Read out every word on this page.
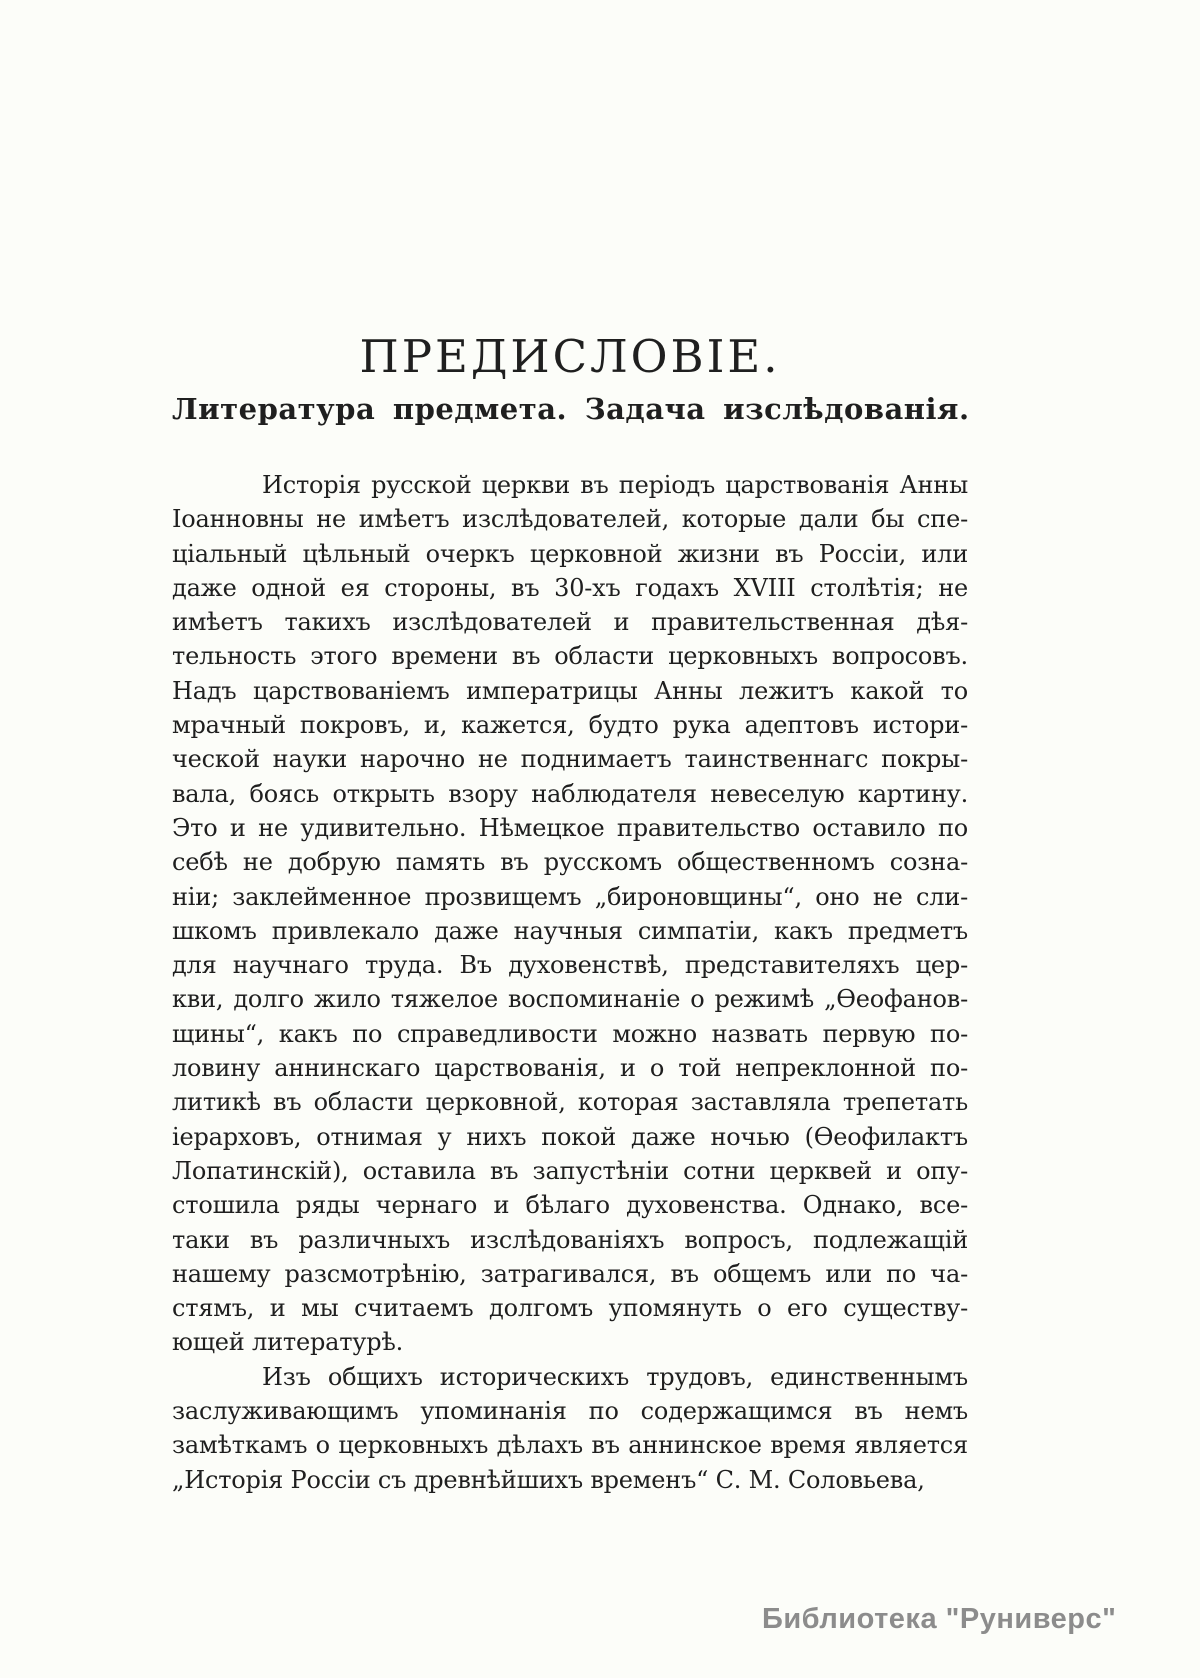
ПРЕДИСЛОВІЕ.
Литература предмета. Задача изслѣдованія.
Исторія русской церкви въ періодъ царствованія Анны
Іоанновны не имѣетъ изслѣдователей, которые дали бы спе-
ціальный цѣльный очеркъ церковной жизни въ Россіи, или
даже одной ея стороны, въ 30-хъ годахъ XVIII столѣтія; не
имѣетъ такихъ изслѣдователей и правительственная дѣя-
тельность этого времени въ области церковныхъ вопросовъ.
Надъ царствованіемъ императрицы Анны лежитъ какой то
мрачный покровъ, и, кажется, будто рука адептовъ истори-
ческой науки нарочно не поднимаетъ таинственнагс покры-
вала, боясь открыть взору наблюдателя невеселую картину.
Это и не удивительно. Нѣмецкое правительство оставило по
себѣ не добрую память въ русскомъ общественномъ созна-
ніи; заклейменное прозвищемъ „бироновщины“, оно не сли-
шкомъ привлекало даже научныя симпатіи, какъ предметъ
для научнаго труда. Въ духовенствѣ, представителяхъ цер-
кви, долго жило тяжелое воспоминаніе о режимѣ „Ѳеофанов-
щины“, какъ по справедливости можно назвать первую по-
ловину аннинскаго царствованія, и о той непреклонной по-
литикѣ въ области церковной, которая заставляла трепетать
іерарховъ, отнимая у нихъ покой даже ночью (Ѳеофилактъ
Лопатинскій), оставила въ запустѣніи сотни церквей и опу-
стошила ряды чернаго и бѣлаго духовенства. Однако, все-
таки въ различныхъ изслѣдованіяхъ вопросъ, подлежащій
нашему разсмотрѣнію, затрагивался, въ общемъ или по ча-
стямъ, и мы считаемъ долгомъ упомянуть о его существу-
ющей литературѣ.
Изъ общихъ историческихъ трудовъ, единственнымъ
заслуживающимъ упоминанія по содержащимся въ немъ
замѣткамъ о церковныхъ дѣлахъ въ аннинское время является
„Исторія Россіи съ древнѣйшихъ временъ“ С. М. Соловьева,
Библиотека "Руниверс"
